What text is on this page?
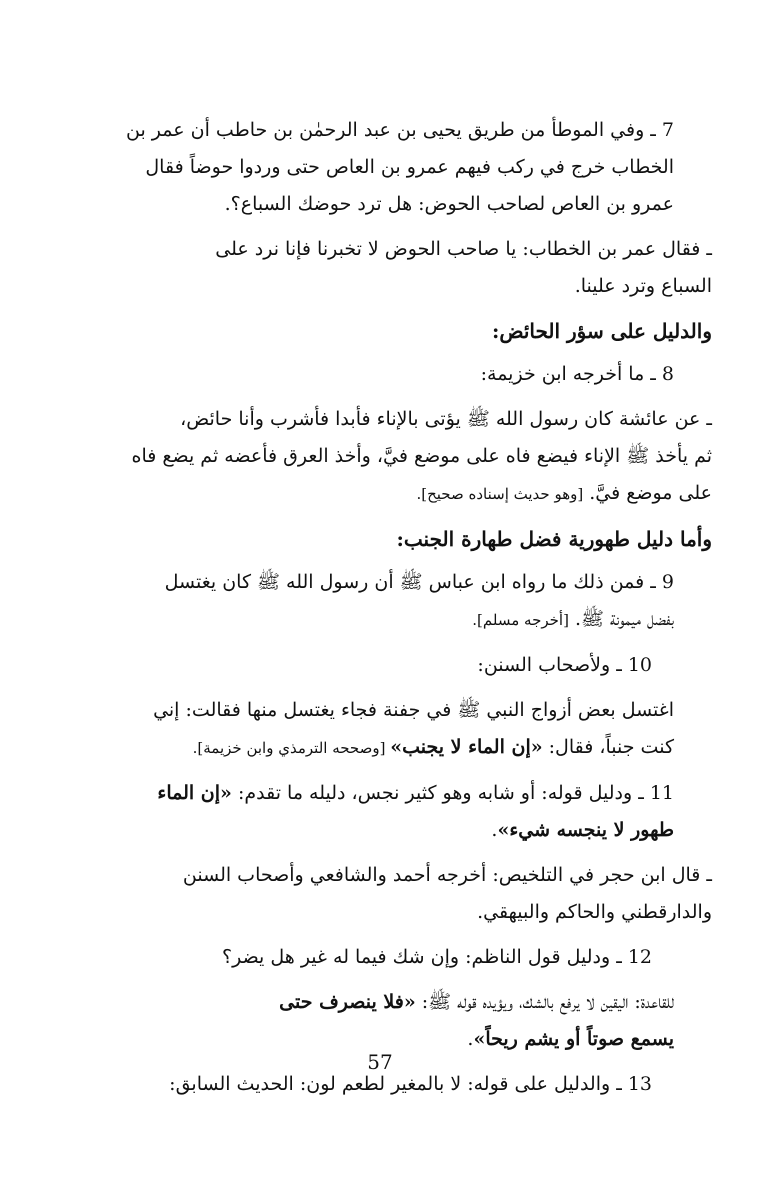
7 ـ وفي الموطأ من طريق يحيى بن عبد الرحمٰن بن حاطب أن عمر بن
الخطاب خرج في ركب فيهم عمرو بن العاص حتى وردوا حوضاً فقال
عمرو بن العاص لصاحب الحوض: هل ترد حوضك السباع؟.

ـ فقال عمر بن الخطاب: يا صاحب الحوض لا تخبرنا فإنا نرد على
السباع وترد علينا.

والدليل على سؤر الحائض:

8 ـ ما أخرجه ابن خزيمة:

ـ عن عائشة كان رسول الله ﷺ يؤتى بالإناء فأبدا فأشرب وأنا حائض،
ثم يأخذ ﷺ الإناء فيضع فاه على موضع فيَّ، وأخذ العرق فأعضه ثم يضع فاه
على موضع فيَّ. [وهو حديث إسناده صحيح].

وأما دليل طهورية فضل طهارة الجنب:

9 ـ فمن ذلك ما رواه ابن عباس ﷺ أن رسول الله ﷺ كان يغتسل
بفضل ميمونة ﷺ. [أخرجه مسلم].

10 ـ ولأصحاب السنن:

اغتسل بعض أزواج النبي ﷺ في جفنة فجاء يغتسل منها فقالت: إني
كنت جنباً، فقال: «إن الماء لا يجنب» [وصححه الترمذي وابن خزيمة].

11 ـ ودليل قوله: أو شابه وهو كثير نجس، دليله ما تقدم: «إن الماء
طهور لا ينجسه شيء».

ـ قال ابن حجر في التلخيص: أخرجه أحمد والشافعي وأصحاب السنن
والدارقطني والحاكم والبيهقي.

12 ـ ودليل قول الناظم: وإن شك فيما له غير هل يضر؟

للقاعدة: اليقين لا يرفع بالشك، ويؤيده قوله ﷺ: «فلا ينصرف حتى
يسمع صوتاً أو يشم ريحاً».

13 ـ والدليل على قوله: لا بالمغير لطعم لون: الحديث السابق:

57
